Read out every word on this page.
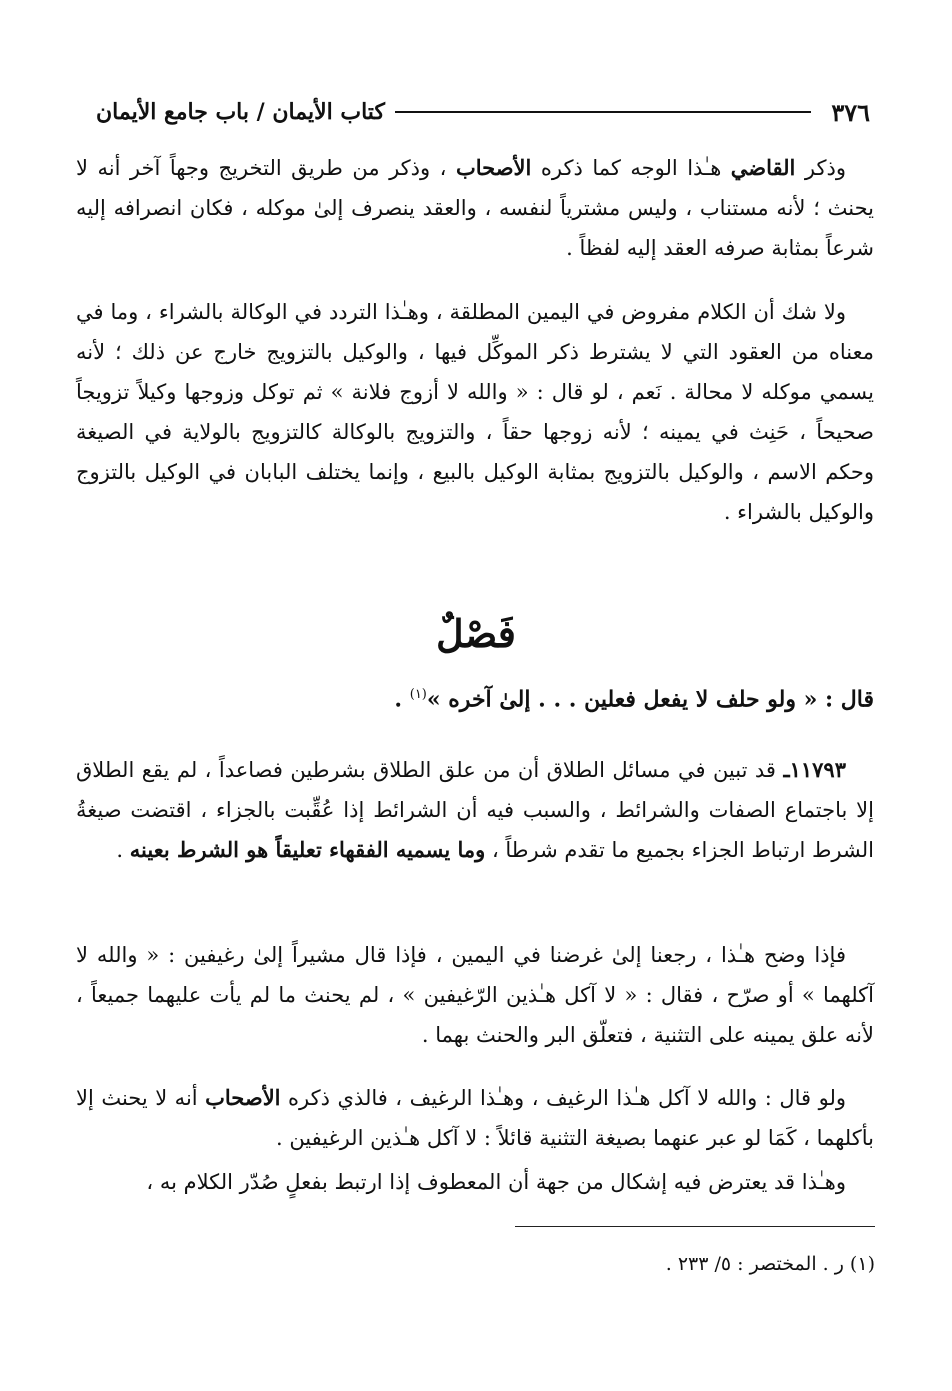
٣٧٦
كتاب الأيمان / باب جامع الأيمان

وذكر القاضي هـٰذا الوجه كما ذكره الأصحاب ، وذكر من طريق التخريج وجهاً آخر أنه لا يحنث ؛ لأنه مستناب ، وليس مشترياً لنفسه ، والعقد ينصرف إلىٰ موكله ، فكان انصرافه إليه شرعاً بمثابة صرفه العقد إليه لفظاً .

ولا شك أن الكلام مفروض في اليمين المطلقة ، وهـٰذا التردد في الوكالة بالشراء ، وما في معناه من العقود التي لا يشترط ذكر الموكِّل فيها ، والوكيل بالتزويج خارج عن ذلك ؛ لأنه يسمي موكله لا محالة . نَعم ، لو قال : « والله لا أزوج فلانة » ثم توكل وزوجها وكيلاً تزويجاً صحيحاً ، حَنِث في يمينه ؛ لأنه زوجها حقاً ، والتزويج بالوكالة كالتزويج بالولاية في الصيغة وحكم الاسم ، والوكيل بالتزويج بمثابة الوكيل بالبيع ، وإنما يختلف البابان في الوكيل بالتزوج والوكيل بالشراء .

فَصْلٌ
قال : « ولو حلف لا يفعل فعلين . . . إلىٰ آخره »$^{(١)}$ .

١١٧٩٣ـ قد تبين في مسائل الطلاق أن من علق الطلاق بشرطين فصاعداً ، لم يقع الطلاق إلا باجتماع الصفات والشرائط ، والسبب فيه أن الشرائط إذا عُقِّبت بالجزاء ، اقتضت صيغةُ الشرط ارتباط الجزاء بجميع ما تقدم شرطاً ، وما يسميه الفقهاء تعليقاً هو الشرط بعينه .

فإذا وضح هـٰذا ، رجعنا إلىٰ غرضنا في اليمين ، فإذا قال مشيراً إلىٰ رغيفين : « والله لا آكلهما » أو صرّح ، فقال : « لا آكل هـٰذين الرّغيفين » ، لم يحنث ما لم يأت عليهما جميعاً ، لأنه علق يمينه على التثنية ، فتعلّق البر والحنث بهما .

ولو قال : والله لا آكل هـٰذا الرغيف ، وهـٰذا الرغيف ، فالذي ذكره الأصحاب أنه لا يحنث إلا بأكلهما ، كَمَا لو عبر عنهما بصيغة التثنية قائلاً : لا آكل هـٰذين الرغيفين .

وهـٰذا قد يعترض فيه إشكال من جهة أن المعطوف إذا ارتبط بفعلٍ صُدّر الكلام به ،

(١) ر . المختصر : ٥/ ٢٣٣ .
